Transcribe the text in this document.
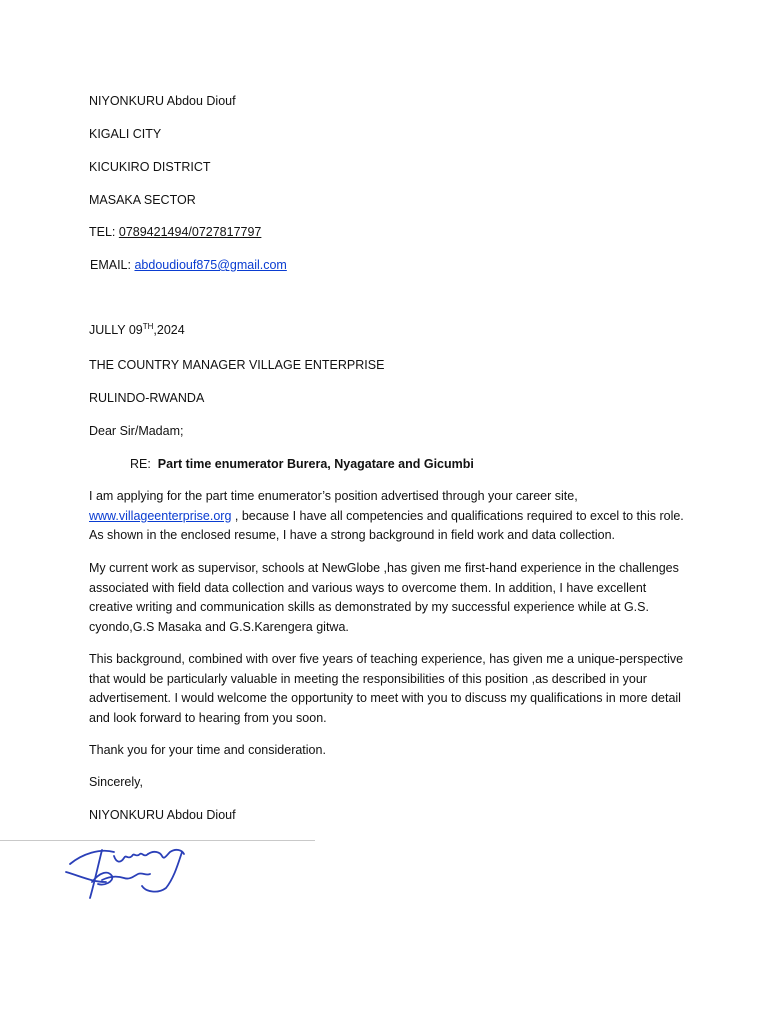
NIYONKURU Abdou Diouf
KIGALI CITY
KICUKIRO DISTRICT
MASAKA SECTOR
TEL: 0789421494/0727817797
EMAIL: abdoudiouf875@gmail.com
JULLY 09TH,2024
THE COUNTRY MANAGER VILLAGE ENTERPRISE
RULINDO-RWANDA
Dear Sir/Madam;
RE: Part time enumerator Burera, Nyagatare and Gicumbi
I am applying for the part time enumerator’s position advertised through your career site,
www.villageenterprise.org , because I have all competencies and qualifications required to excel to this role. As shown in the enclosed resume, I have a strong background in field work and data collection.
My current work as supervisor, schools at NewGlobe ,has given me first-hand experience in the challenges associated with field data collection and various ways to overcome them. In addition, I have excellent creative writing and communication skills as demonstrated by my successful experience while at G.S. cyondo,G.S Masaka and G.S.Karengera gitwa.
This background, combined with over five years of teaching experience, has given me a unique-perspective that would be particularly valuable in meeting the responsibilities of this position ,as described in your advertisement. I would welcome the opportunity to meet with you to discuss my qualifications in more detail and look forward to hearing from you soon.
Thank you for your time and consideration.
Sincerely,
NIYONKURU Abdou Diouf
